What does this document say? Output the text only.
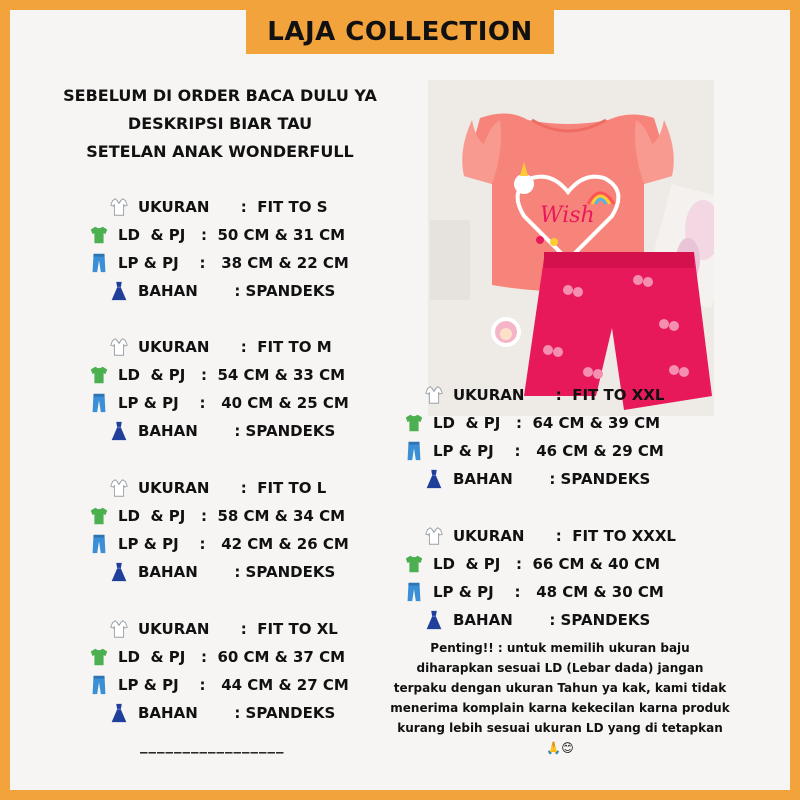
LAJA COLLECTION
SEBELUM DI ORDER BACA DULU YA
DESKRIPSI BIAR TAU
SETELAN ANAK WONDERFULL
Wish
_________________
Penting!! : untuk memilih ukuran baju diharapkan sesuai LD (Lebar dada) jangan terpaku dengan ukuran Tahun ya kak, kami tidak menerima komplain karna kekecilan karna produk kurang lebih sesuai ukuran LD yang di tetapkan 🙏😊
UKURAN      :  FIT TO S
LD  & PJ   :  50 CM & 31 CM
LP & PJ    :   38 CM & 22 CM
BAHAN       : SPANDEKS
UKURAN      :  FIT TO M
LD  & PJ   :  54 CM & 33 CM
LP & PJ    :   40 CM & 25 CM
BAHAN       : SPANDEKS
UKURAN      :  FIT TO L
LD  & PJ   :  58 CM & 34 CM
LP & PJ    :   42 CM & 26 CM
BAHAN       : SPANDEKS
UKURAN      :  FIT TO XL
LD  & PJ   :  60 CM & 37 CM
LP & PJ    :   44 CM & 27 CM
BAHAN       : SPANDEKS
UKURAN      :  FIT TO XXL
LD  & PJ   :  64 CM & 39 CM
LP & PJ    :   46 CM & 29 CM
BAHAN       : SPANDEKS
UKURAN      :  FIT TO XXXL
LD  & PJ   :  66 CM & 40 CM
LP & PJ    :   48 CM & 30 CM
BAHAN       : SPANDEKS
